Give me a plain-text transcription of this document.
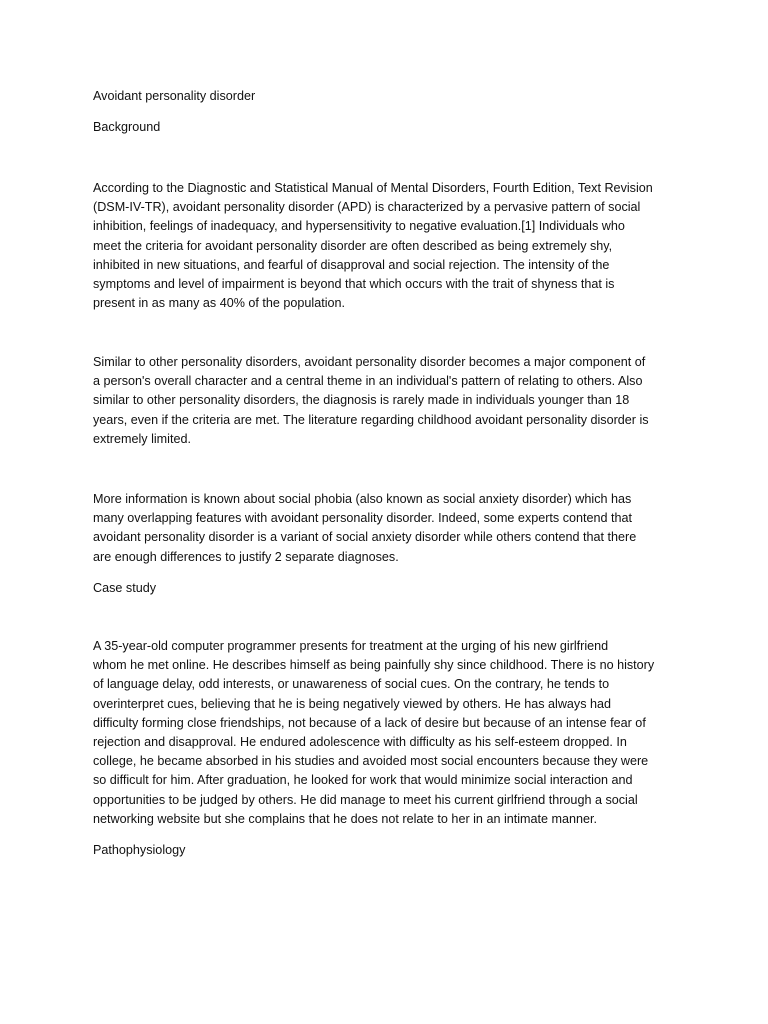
Avoidant personality disorder

Background

According to the Diagnostic and Statistical Manual of Mental Disorders, Fourth Edition, Text Revision
(DSM-IV-TR), avoidant personality disorder (APD) is characterized by a pervasive pattern of social
inhibition, feelings of inadequacy, and hypersensitivity to negative evaluation.[1] Individuals who
meet the criteria for avoidant personality disorder are often described as being extremely shy,
inhibited in new situations, and fearful of disapproval and social rejection. The intensity of the
symptoms and level of impairment is beyond that which occurs with the trait of shyness that is
present in as many as 40% of the population.
Similar to other personality disorders, avoidant personality disorder becomes a major component of
a person's overall character and a central theme in an individual's pattern of relating to others. Also
similar to other personality disorders, the diagnosis is rarely made in individuals younger than 18
years, even if the criteria are met. The literature regarding childhood avoidant personality disorder is
extremely limited.
More information is known about social phobia (also known as social anxiety disorder) which has
many overlapping features with avoidant personality disorder. Indeed, some experts contend that
avoidant personality disorder is a variant of social anxiety disorder while others contend that there
are enough differences to justify 2 separate diagnoses.

Case study

A 35-year-old computer programmer presents for treatment at the urging of his new girlfriend
whom he met online. He describes himself as being painfully shy since childhood. There is no history
of language delay, odd interests, or unawareness of social cues. On the contrary, he tends to
overinterpret cues, believing that he is being negatively viewed by others. He has always had
difficulty forming close friendships, not because of a lack of desire but because of an intense fear of
rejection and disapproval. He endured adolescence with difficulty as his self-esteem dropped. In
college, he became absorbed in his studies and avoided most social encounters because they were
so difficult for him. After graduation, he looked for work that would minimize social interaction and
opportunities to be judged by others. He did manage to meet his current girlfriend through a social
networking website but she complains that he does not relate to her in an intimate manner.

Pathophysiology
